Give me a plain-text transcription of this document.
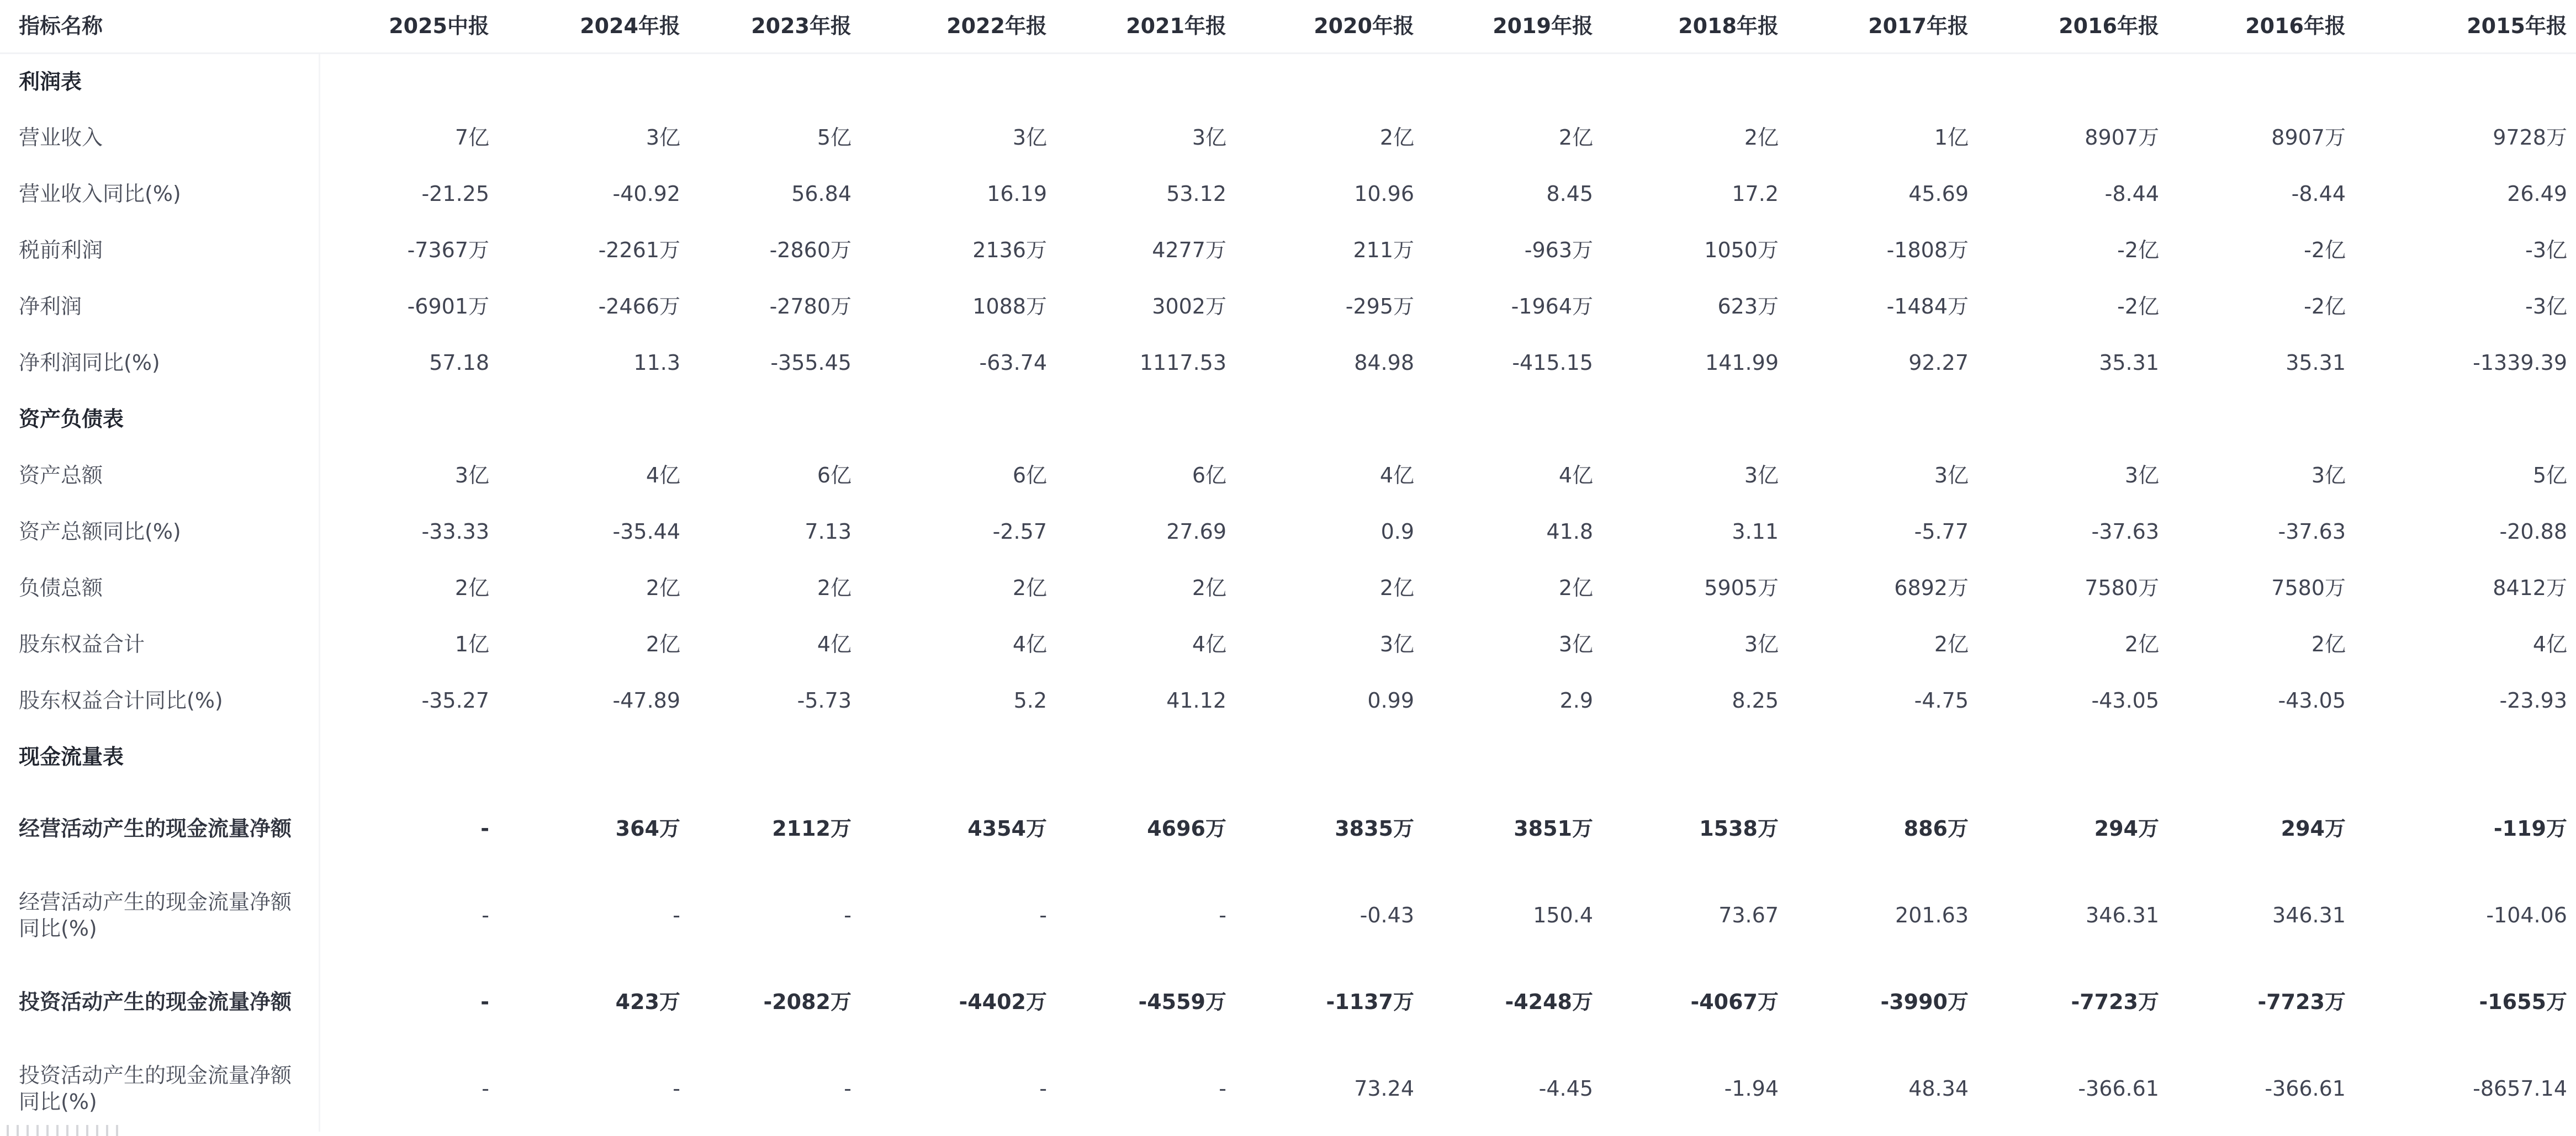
指标名称	2025中报	2024年报	2023年报	2022年报	2021年报	2020年报	2019年报	2018年报	2017年报	2016年报	2016年报	2015年报
利润表												
营业收入	7亿	3亿	5亿	3亿	3亿	2亿	2亿	2亿	1亿	8907万	8907万	9728万
营业收入同比(%)	-21.25	-40.92	56.84	16.19	53.12	10.96	8.45	17.2	45.69	-8.44	-8.44	26.49
税前利润	-7367万	-2261万	-2860万	2136万	4277万	211万	-963万	1050万	-1808万	-2亿	-2亿	-3亿
净利润	-6901万	-2466万	-2780万	1088万	3002万	-295万	-1964万	623万	-1484万	-2亿	-2亿	-3亿
净利润同比(%)	57.18	11.3	-355.45	-63.74	1117.53	84.98	-415.15	141.99	92.27	35.31	35.31	-1339.39
资产负债表												
资产总额	3亿	4亿	6亿	6亿	6亿	4亿	4亿	3亿	3亿	3亿	3亿	5亿
资产总额同比(%)	-33.33	-35.44	7.13	-2.57	27.69	0.9	41.8	3.11	-5.77	-37.63	-37.63	-20.88
负债总额	2亿	2亿	2亿	2亿	2亿	2亿	2亿	5905万	6892万	7580万	7580万	8412万
股东权益合计	1亿	2亿	4亿	4亿	4亿	3亿	3亿	3亿	2亿	2亿	2亿	4亿
股东权益合计同比(%)	-35.27	-47.89	-5.73	5.2	41.12	0.99	2.9	8.25	-4.75	-43.05	-43.05	-23.93
现金流量表												
经营活动产生的现金流量净额	-	364万	2112万	4354万	4696万	3835万	3851万	1538万	886万	294万	294万	-119万
经营活动产生的现金流量净额同比(%)	-	-	-	-	-	-0.43	150.4	73.67	201.63	346.31	346.31	-104.06
投资活动产生的现金流量净额	-	423万	-2082万	-4402万	-4559万	-1137万	-4248万	-4067万	-3990万	-7723万	-7723万	-1655万
投资活动产生的现金流量净额同比(%)	-	-	-	-	-	73.24	-4.45	-1.94	48.34	-366.61	-366.61	-8657.14
